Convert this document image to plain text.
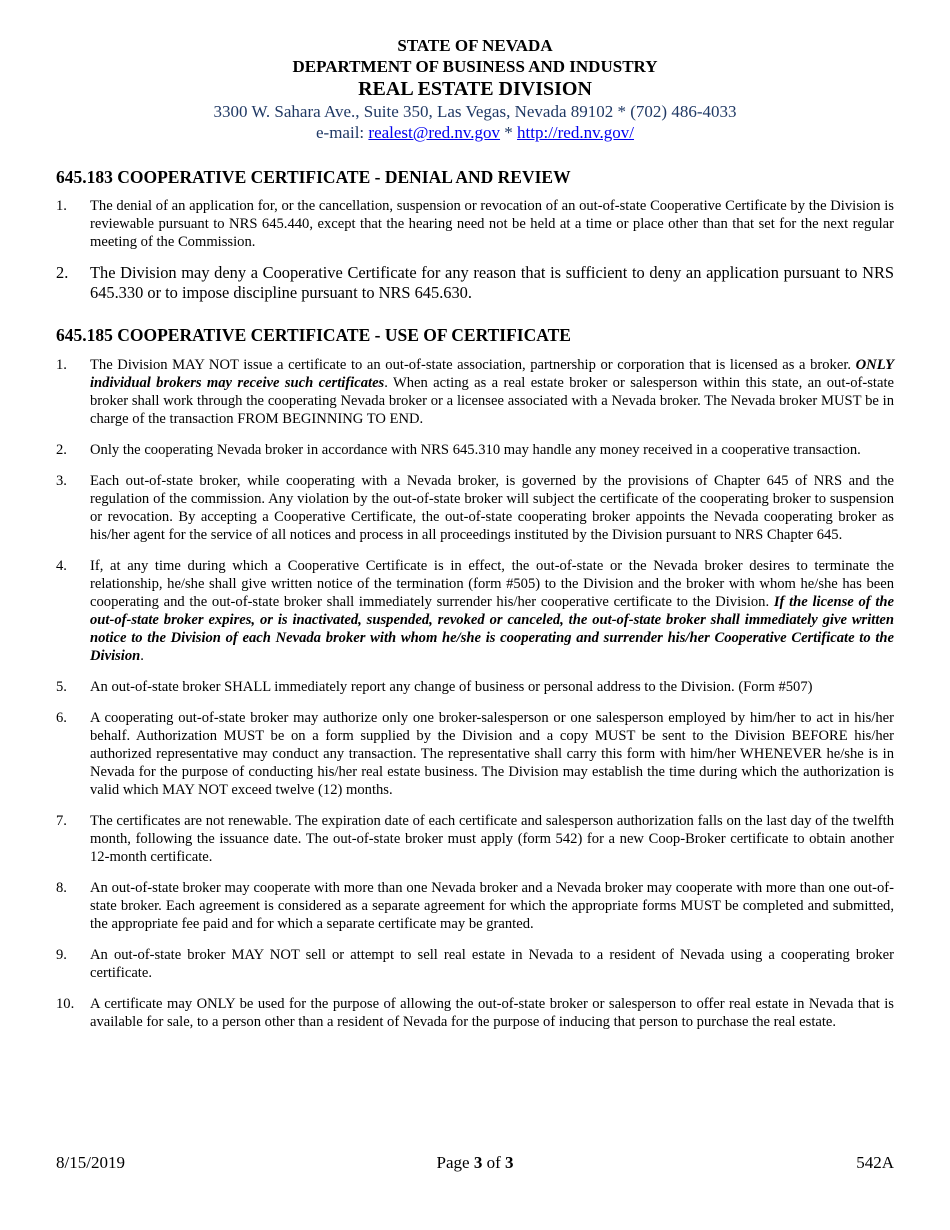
STATE OF NEVADA
DEPARTMENT OF BUSINESS AND INDUSTRY
REAL ESTATE DIVISION
3300 W. Sahara Ave., Suite 350, Las Vegas, Nevada 89102 * (702) 486-4033
e-mail: realest@red.nv.gov * http://red.nv.gov/
645.183 COOPERATIVE CERTIFICATE - DENIAL AND REVIEW
1.	The denial of an application for, or the cancellation, suspension or revocation of an out-of-state Cooperative Certificate by the Division is reviewable pursuant to NRS 645.440, except that the hearing need not be held at a time or place other than that set for the next regular meeting of the Commission.
2.	The Division may deny a Cooperative Certificate for any reason that is sufficient to deny an application pursuant to NRS 645.330 or to impose discipline pursuant to NRS 645.630.
645.185 COOPERATIVE CERTIFICATE - USE OF CERTIFICATE
1.	The Division MAY NOT issue a certificate to an out-of-state association, partnership or corporation that is licensed as a broker. ONLY individual brokers may receive such certificates. When acting as a real estate broker or salesperson within this state, an out-of-state broker shall work through the cooperating Nevada broker or a licensee associated with a Nevada broker. The Nevada broker MUST be in charge of the transaction FROM BEGINNING TO END.
2.	Only the cooperating Nevada broker in accordance with NRS 645.310 may handle any money received in a cooperative transaction.
3.	Each out-of-state broker, while cooperating with a Nevada broker, is governed by the provisions of Chapter 645 of NRS and the regulation of the commission. Any violation by the out-of-state broker will subject the certificate of the cooperating broker to suspension or revocation. By accepting a Cooperative Certificate, the out-of-state cooperating broker appoints the Nevada cooperating broker as his/her agent for the service of all notices and process in all proceedings instituted by the Division pursuant to NRS Chapter 645.
4.	If, at any time during which a Cooperative Certificate is in effect, the out-of-state or the Nevada broker desires to terminate the relationship, he/she shall give written notice of the termination (form #505) to the Division and the broker with whom he/she has been cooperating and the out-of-state broker shall immediately surrender his/her cooperative certificate to the Division. If the license of the out-of-state broker expires, or is inactivated, suspended, revoked or canceled, the out-of-state broker shall immediately give written notice to the Division of each Nevada broker with whom he/she is cooperating and surrender his/her Cooperative Certificate to the Division.
5.	An out-of-state broker SHALL immediately report any change of business or personal address to the Division. (Form #507)
6.	A cooperating out-of-state broker may authorize only one broker-salesperson or one salesperson employed by him/her to act in his/her behalf. Authorization MUST be on a form supplied by the Division and a copy MUST be sent to the Division BEFORE his/her authorized representative may conduct any transaction. The representative shall carry this form with him/her WHENEVER he/she is in Nevada for the purpose of conducting his/her real estate business. The Division may establish the time during which the authorization is valid which MAY NOT exceed twelve (12) months.
7.	The certificates are not renewable. The expiration date of each certificate and salesperson authorization falls on the last day of the twelfth month, following the issuance date. The out-of-state broker must apply (form 542) for a new Coop-Broker certificate to obtain another 12-month certificate.
8.	An out-of-state broker may cooperate with more than one Nevada broker and a Nevada broker may cooperate with more than one out-of-state broker. Each agreement is considered as a separate agreement for which the appropriate forms MUST be completed and submitted, the appropriate fee paid and for which a separate certificate may be granted.
9.	An out-of-state broker MAY NOT sell or attempt to sell real estate in Nevada to a resident of Nevada using a cooperating broker certificate.
10.	A certificate may ONLY be used for the purpose of allowing the out-of-state broker or salesperson to offer real estate in Nevada that is available for sale, to a person other than a resident of Nevada for the purpose of inducing that person to purchase the real estate.
8/15/2019	Page 3 of 3	542A
